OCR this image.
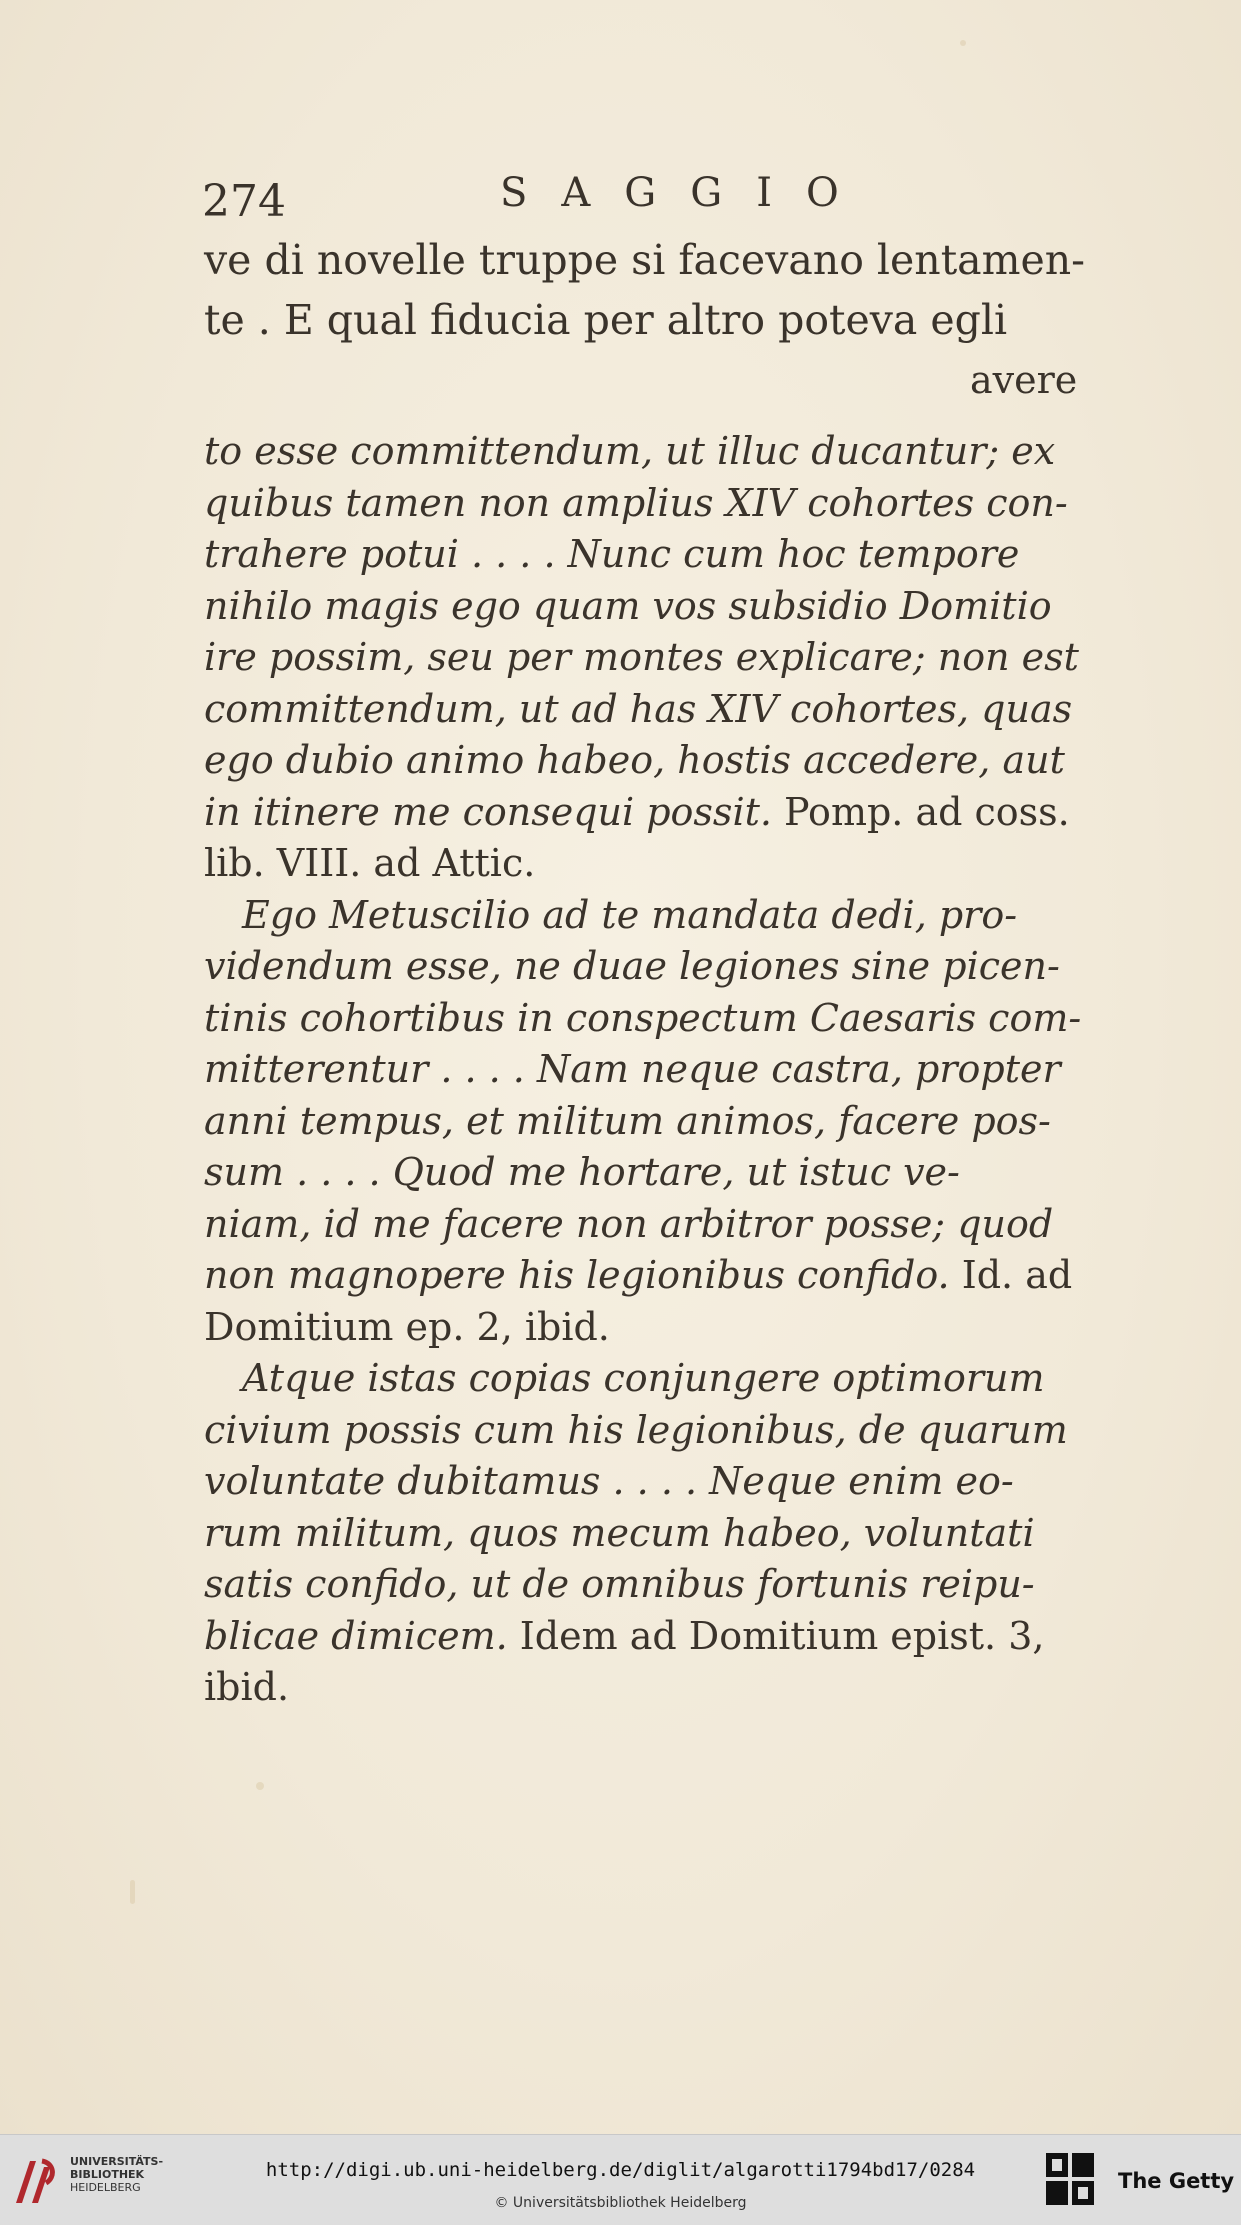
274	SAGGIO
ve di novelle truppe si facevano lentamen-
te . E qual fiducia per altro poteva egli
avere
to esse committendum, ut illuc ducantur; ex
quibus tamen non amplius XIV cohortes con-
trahere potui . . . . Nunc cum hoc tempore
nihilo magis ego quam vos subsidio Domitio
ire possim, seu per montes explicare; non est
committendum, ut ad has XIV cohortes, quas
ego dubio animo habeo, hostis accedere, aut
in itinere me consequi possit. Pomp. ad coss.
lib. VIII. ad Attic.
Ego Metuscilio ad te mandata dedi, pro-
videndum esse, ne duae legiones sine picen-
tinis cohortibus in conspectum Caesaris com-
mitterentur . . . . Nam neque castra, propter
anni tempus, et militum animos, facere pos-
sum . . . . Quod me hortare, ut istuc ve-
niam, id me facere non arbitror posse; quod
non magnopere his legionibus confido. Id. ad
Domitium ep. 2, ibid.
Atque istas copias conjungere optimorum
civium possis cum his legionibus, de quarum
voluntate dubitamus . . . . Neque enim eo-
rum militum, quos mecum habeo, voluntati
satis confido, ut de omnibus fortunis reipu-
blicae dimicem. Idem ad Domitium epist. 3,
ibid.
UNIVERSITÄTS-
BIBLIOTHEK
HEIDELBERG
http://digi.ub.uni-heidelberg.de/diglit/algarotti1794bd17/0284
© Universitätsbibliothek Heidelberg
The Getty
